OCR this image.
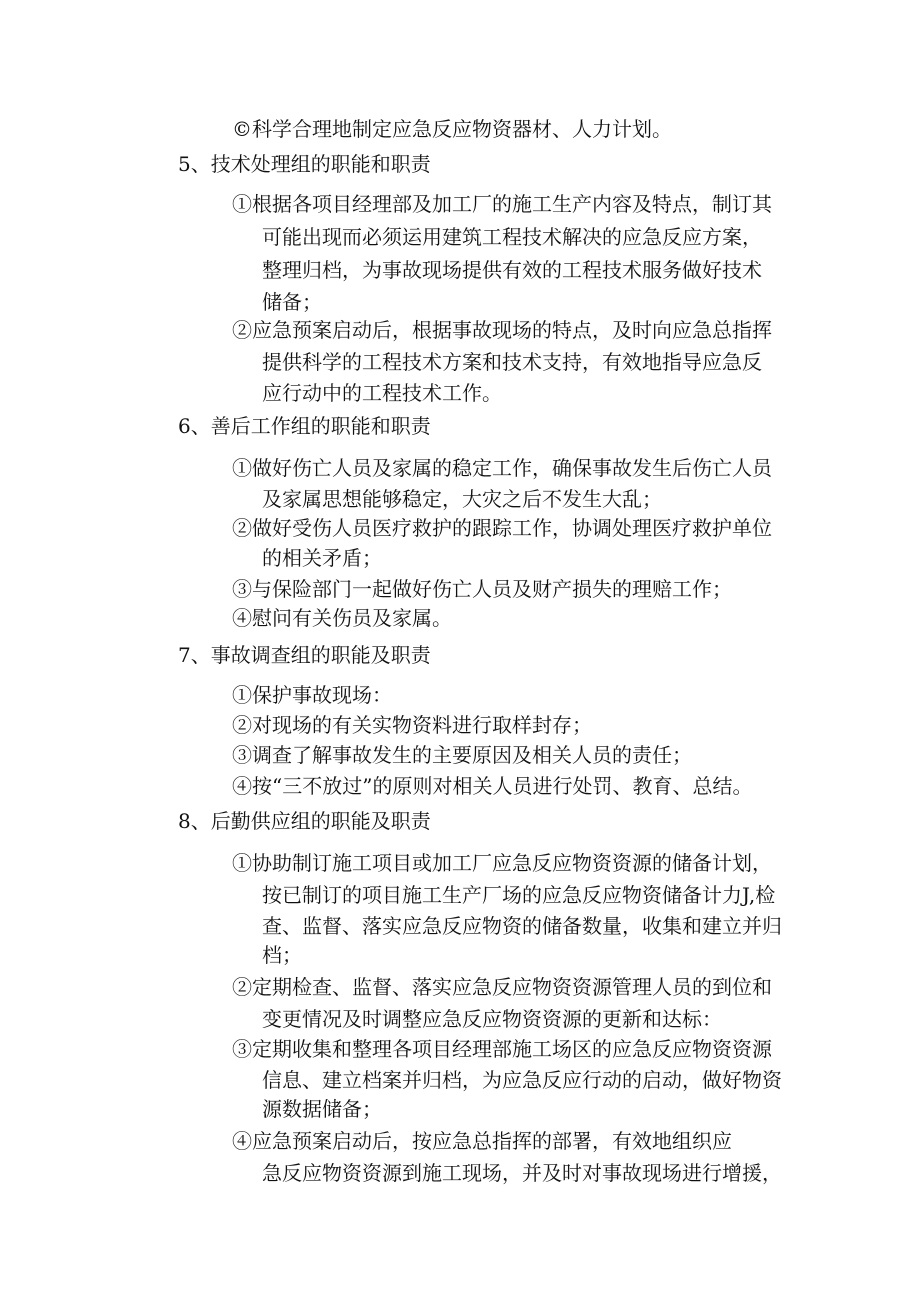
©科学合理地制定应急反应物资器材、人力计划。
5、技术处理组的职能和职责
①根据各项目经理部及加工厂的施工生产内容及特点，制订其
可能出现而必须运用建筑工程技术解决的应急反应方案，
整理归档，为事故现场提供有效的工程技术服务做好技术
储备；
②应急预案启动后，根据事故现场的特点，及时向应急总指挥
提供科学的工程技术方案和技术支持，有效地指导应急反
应行动中的工程技术工作。
6、善后工作组的职能和职责
①做好伤亡人员及家属的稳定工作，确保事故发生后伤亡人员
及家属思想能够稳定，大灾之后不发生大乱；
②做好受伤人员医疗救护的跟踪工作，协调处理医疗救护单位
的相关矛盾；
③与保险部门一起做好伤亡人员及财产损失的理赔工作；
④慰问有关伤员及家属。
7、事故调查组的职能及职责
①保护事故现场：
②对现场的有关实物资料进行取样封存；
③调查了解事故发生的主要原因及相关人员的责任；
④按“三不放过”的原则对相关人员进行处罚、教育、总结。
8、后勤供应组的职能及职责
①协助制订施工项目或加工厂应急反应物资资源的储备计划，
按已制订的项目施工生产厂场的应急反应物资储备计力J,检
查、监督、落实应急反应物资的储备数量，收集和建立并归
档；
②定期检查、监督、落实应急反应物资资源管理人员的到位和
变更情况及时调整应急反应物资资源的更新和达标：
③定期收集和整理各项目经理部施工场区的应急反应物资资源
信息、建立档案并归档，为应急反应行动的启动，做好物资
源数据储备；
④应急预案启动后，按应急总指挥的部署，有效地组织应
急反应物资资源到施工现场，并及时对事故现场进行增援，
